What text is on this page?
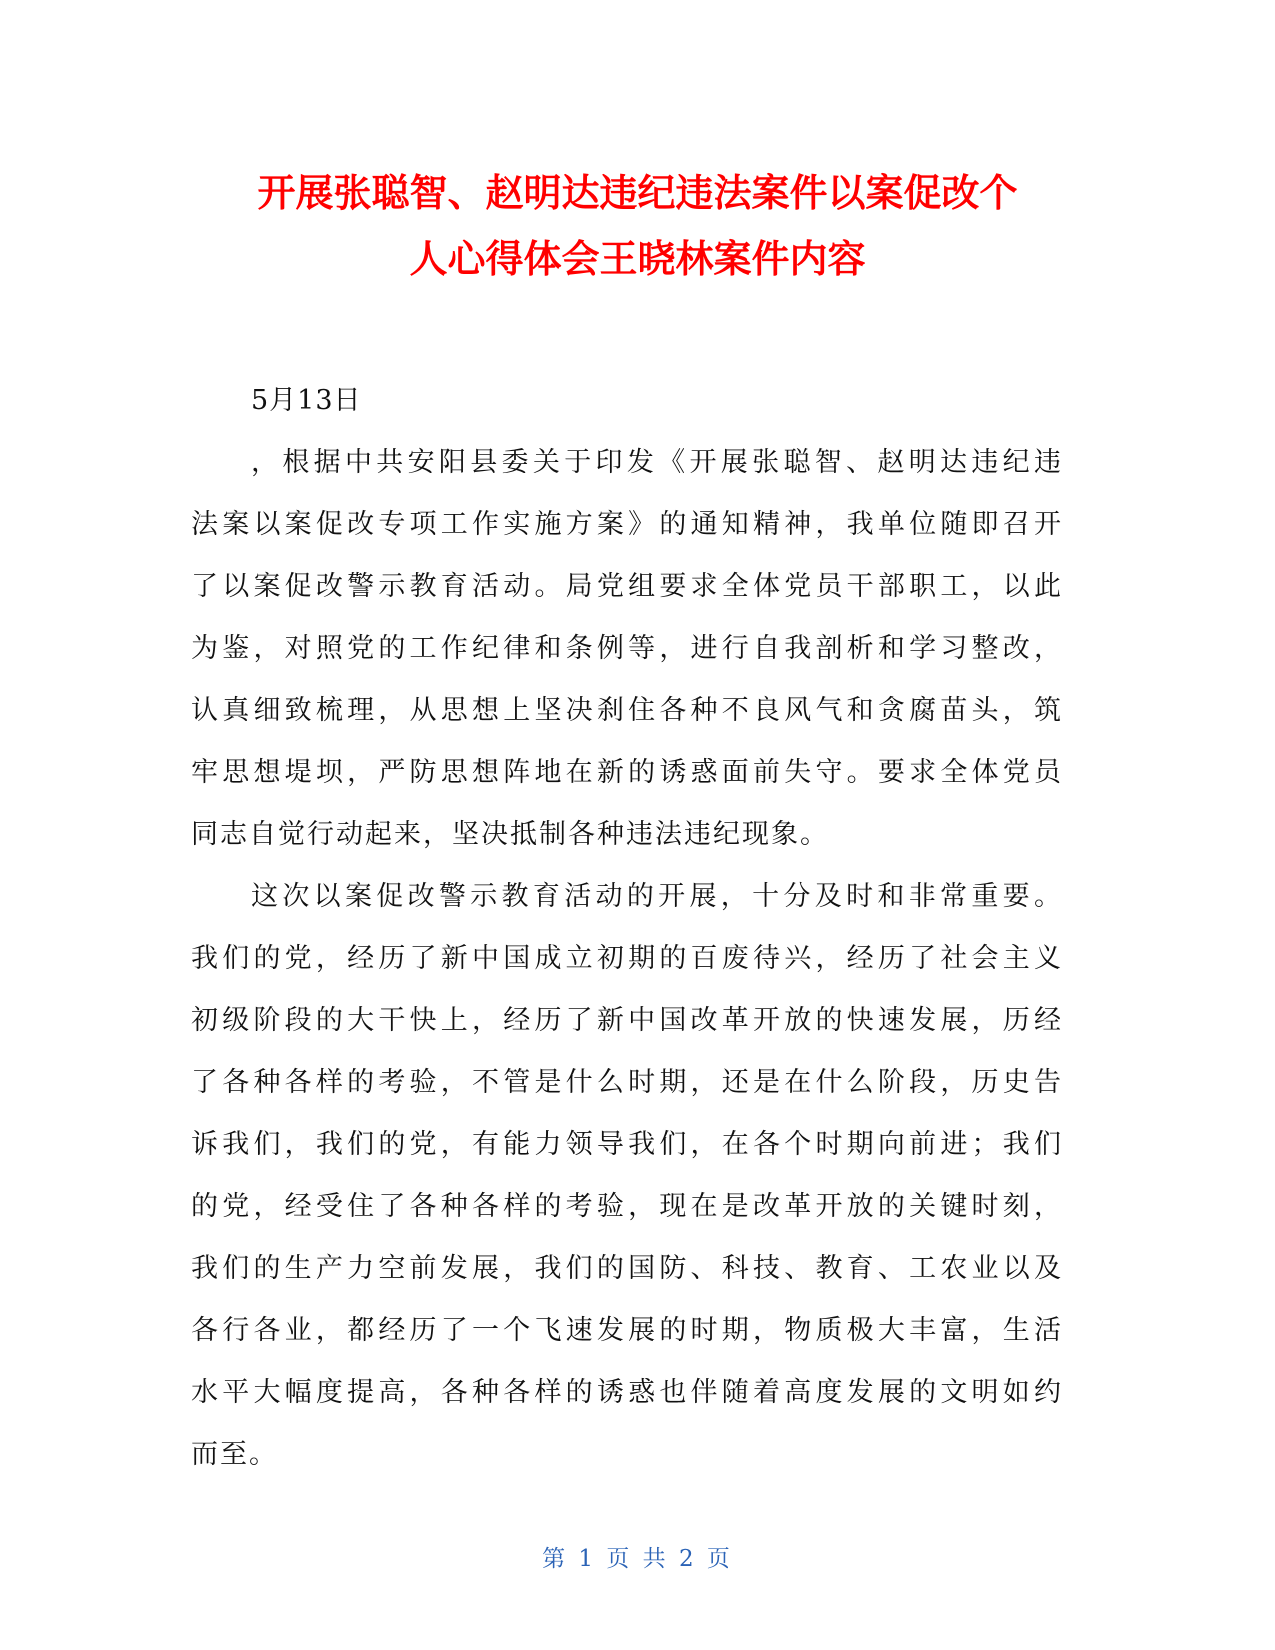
开展张聪智、赵明达违纪违法案件以案促改个
人心得体会王晓林案件内容
5月13日
，根据中共安阳县委关于印发《开展张聪智、赵明达违纪违
法案以案促改专项工作实施方案》的通知精神，我单位随即召开
了以案促改警示教育活动。局党组要求全体党员干部职工，以此
为鉴，对照党的工作纪律和条例等，进行自我剖析和学习整改，
认真细致梳理，从思想上坚决刹住各种不良风气和贪腐苗头，筑
牢思想堤坝，严防思想阵地在新的诱惑面前失守。要求全体党员
同志自觉行动起来，坚决抵制各种违法违纪现象。
这次以案促改警示教育活动的开展，十分及时和非常重要。
我们的党，经历了新中国成立初期的百废待兴，经历了社会主义
初级阶段的大干快上，经历了新中国改革开放的快速发展，历经
了各种各样的考验，不管是什么时期，还是在什么阶段，历史告
诉我们，我们的党，有能力领导我们，在各个时期向前进；我们
的党，经受住了各种各样的考验，现在是改革开放的关键时刻，
我们的生产力空前发展，我们的国防、科技、教育、工农业以及
各行各业，都经历了一个飞速发展的时期，物质极大丰富，生活
水平大幅度提高，各种各样的诱惑也伴随着高度发展的文明如约
而至。
第 1 页 共 2 页
